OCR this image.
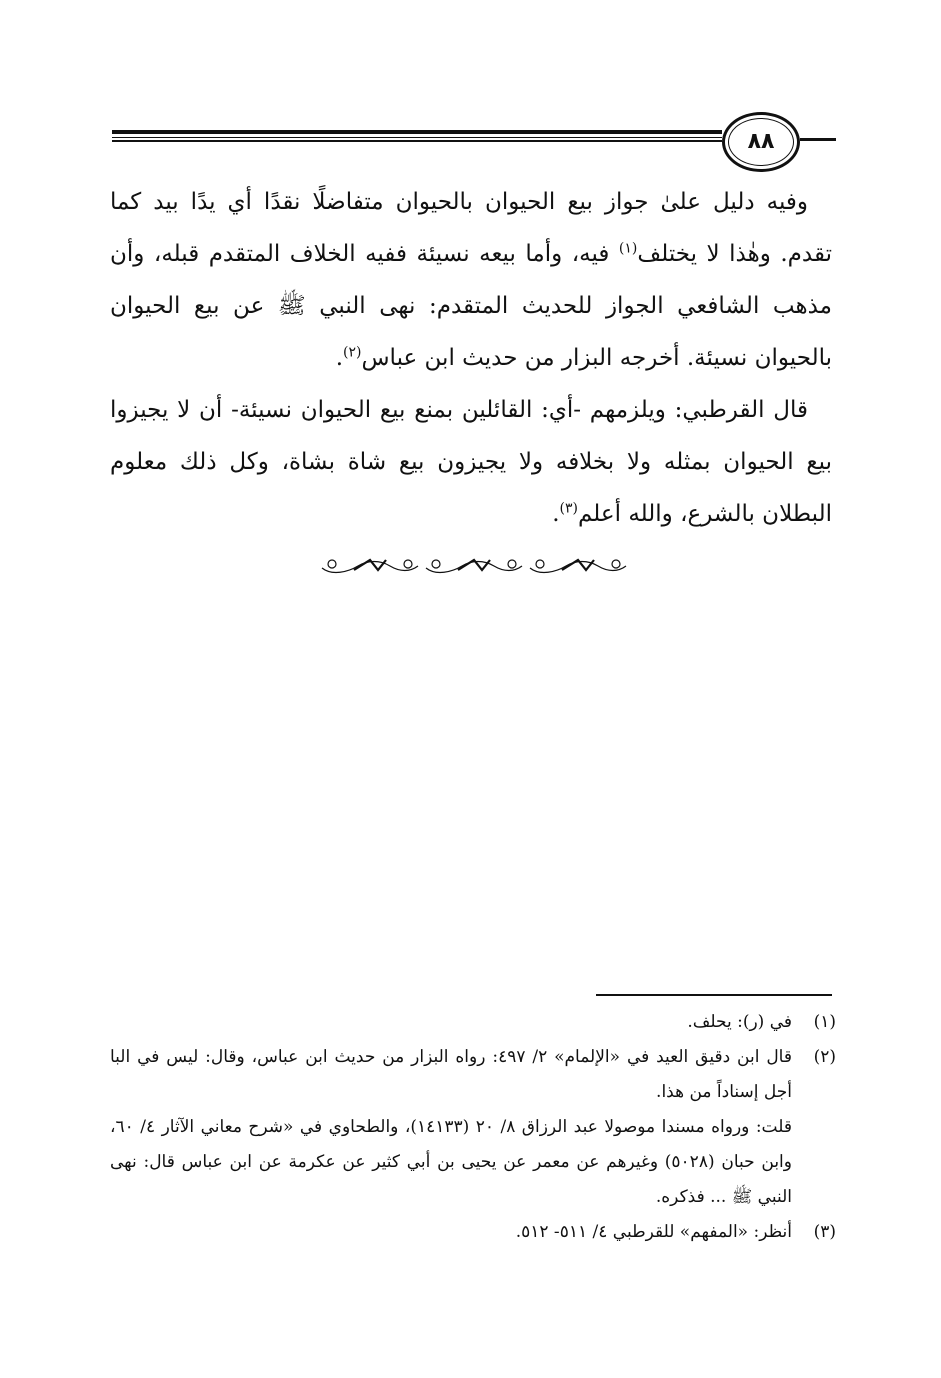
٨٨

وفيه دليل علىٰ جواز بيع الحيوان بالحيوان متفاضلًا نقدًا أي يدًا بيد كما تقدم. وهٰذا لا يختلف$^{(١)}$ فيه، وأما بيعه نسيئة ففيه الخلاف المتقدم قبله، وأن مذهب الشافعي الجواز للحديث المتقدم: نهى النبي ﷺ عن بيع الحيوان بالحيوان نسيئة. أخرجه البزار من حديث ابن عباس$^{(٢)}$.

قال القرطبي: ويلزمهم -أي: القائلين بمنع بيع الحيوان نسيئة- أن لا يجيزوا بيع الحيوان بمثله ولا بخلافه ولا يجيزون بيع شاة بشاة، وكل ذلك معلوم البطلان بالشرع، والله أعلم$^{(٣)}$.

(١)

في (ر): يحلف.

(٢)

قال ابن دقيق العيد في «الإلمام» ٢/ ٤٩٧: رواه البزار من حديث ابن عباس، وقال: ليس في البا أجل إسناداً من هذا.

قلت: ورواه مسندا موصولا عبد الرزاق ٨/ ٢٠ (١٤١٣٣)، والطحاوي في «شرح معاني الآثار ٤/ ٦٠، وابن حبان (٥٠٢٨) وغيرهم عن معمر عن يحيى بن أبي كثير عن عكرمة عن ابن عباس قال: نهى النبي ﷺ ... فذكره.

(٣)

أنظر: «المفهم» للقرطبي ٤/ ٥١١- ٥١٢.
